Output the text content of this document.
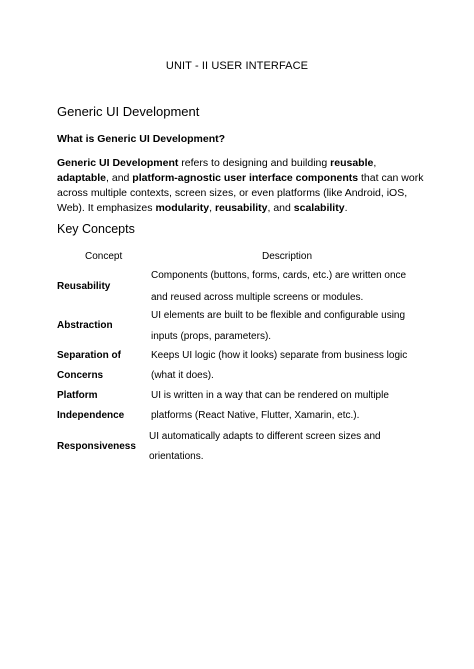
UNIT - II USER INTERFACE
Generic UI Development
What is Generic UI Development?
Generic UI Development refers to designing and building reusable, adaptable, and platform-agnostic user interface components that can work across multiple contexts, screen sizes, or even platforms (like Android, iOS, Web). It emphasizes modularity, reusability, and scalability.
Key Concepts
Concept	Description
Reusability
Components (buttons, forms, cards, etc.) are written once
and reused across multiple screens or modules.
Abstraction
UI elements are built to be flexible and configurable using
inputs (props, parameters).
Separation of
Concerns
Keeps UI logic (how it looks) separate from business logic
(what it does).
Platform
Independence
UI is written in a way that can be rendered on multiple
platforms (React Native, Flutter, Xamarin, etc.).
Responsiveness
UI automatically adapts to different screen sizes and
orientations.
